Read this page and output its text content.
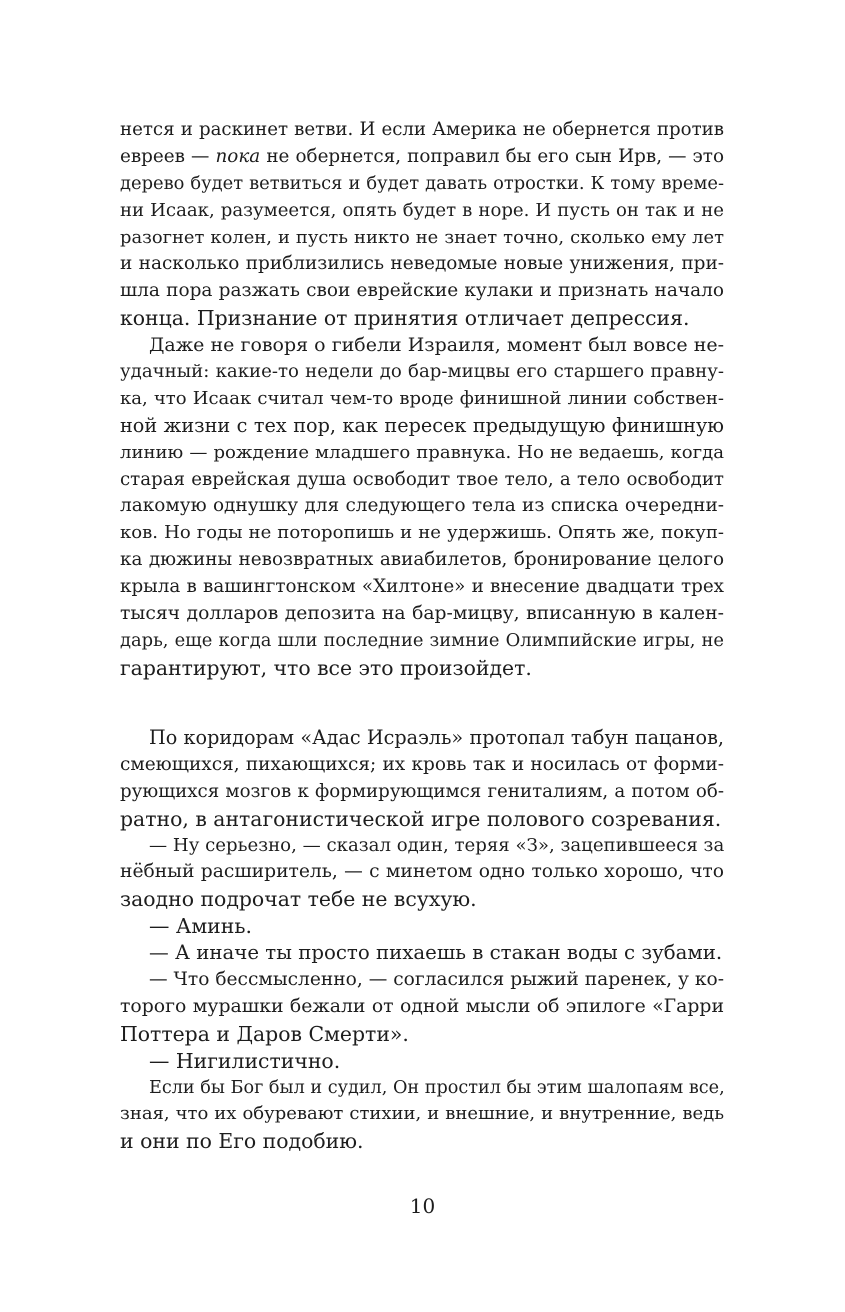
нется и раскинет ветви. И если Америка не обернется против
евреев — пока не обернется, поправил бы его сын Ирв, — это
дерево будет ветвиться и будет давать отростки. К тому време-
ни Исаак, разумеется, опять будет в норе. И пусть он так и не
разогнет колен, и пусть никто не знает точно, сколько ему лет
и насколько приблизились неведомые новые унижения, при-
шла пора разжать свои еврейские кулаки и признать начало
конца. Признание от принятия отличает депрессия.
Даже не говоря о гибели Израиля, момент был вовсе не-
удачный: какие-то недели до бар-мицвы его старшего правну-
ка, что Исаак считал чем-то вроде финишной линии собствен-
ной жизни с тех пор, как пересек предыдущую финишную
линию — рождение младшего правнука. Но не ведаешь, когда
старая еврейская душа освободит твое тело, а тело освободит
лакомую однушку для следующего тела из списка очередни-
ков. Но годы не поторопишь и не удержишь. Опять же, покуп-
ка дюжины невозвратных авиабилетов, бронирование целого
крыла в вашингтонском «Хилтоне» и внесение двадцати трех
тысяч долларов депозита на бар-мицву, вписанную в кален-
дарь, еще когда шли последние зимние Олимпийские игры, не
гарантируют, что все это произойдет.
По коридорам «Адас Исраэль» протопал табун пацанов,
смеющихся, пихающихся; их кровь так и носилась от форми-
рующихся мозгов к формирующимся гениталиям, а потом об-
ратно, в антагонистической игре полового созревания.
— Ну серьезно, — сказал один, теряя «З», зацепившееся за
нёбный расширитель, — с минетом одно только хорошо, что
заодно подрочат тебе не всухую.
— Аминь.
— А иначе ты просто пихаешь в стакан воды с зубами.
— Что бессмысленно, — согласился рыжий паренек, у ко-
торого мурашки бежали от одной мысли об эпилоге «Гарри
Поттера и Даров Смерти».
— Нигилистично.
Если бы Бог был и судил, Он простил бы этим шалопаям все,
зная, что их обуревают стихии, и внешние, и внутренние, ведь
и они по Его подобию.
10
